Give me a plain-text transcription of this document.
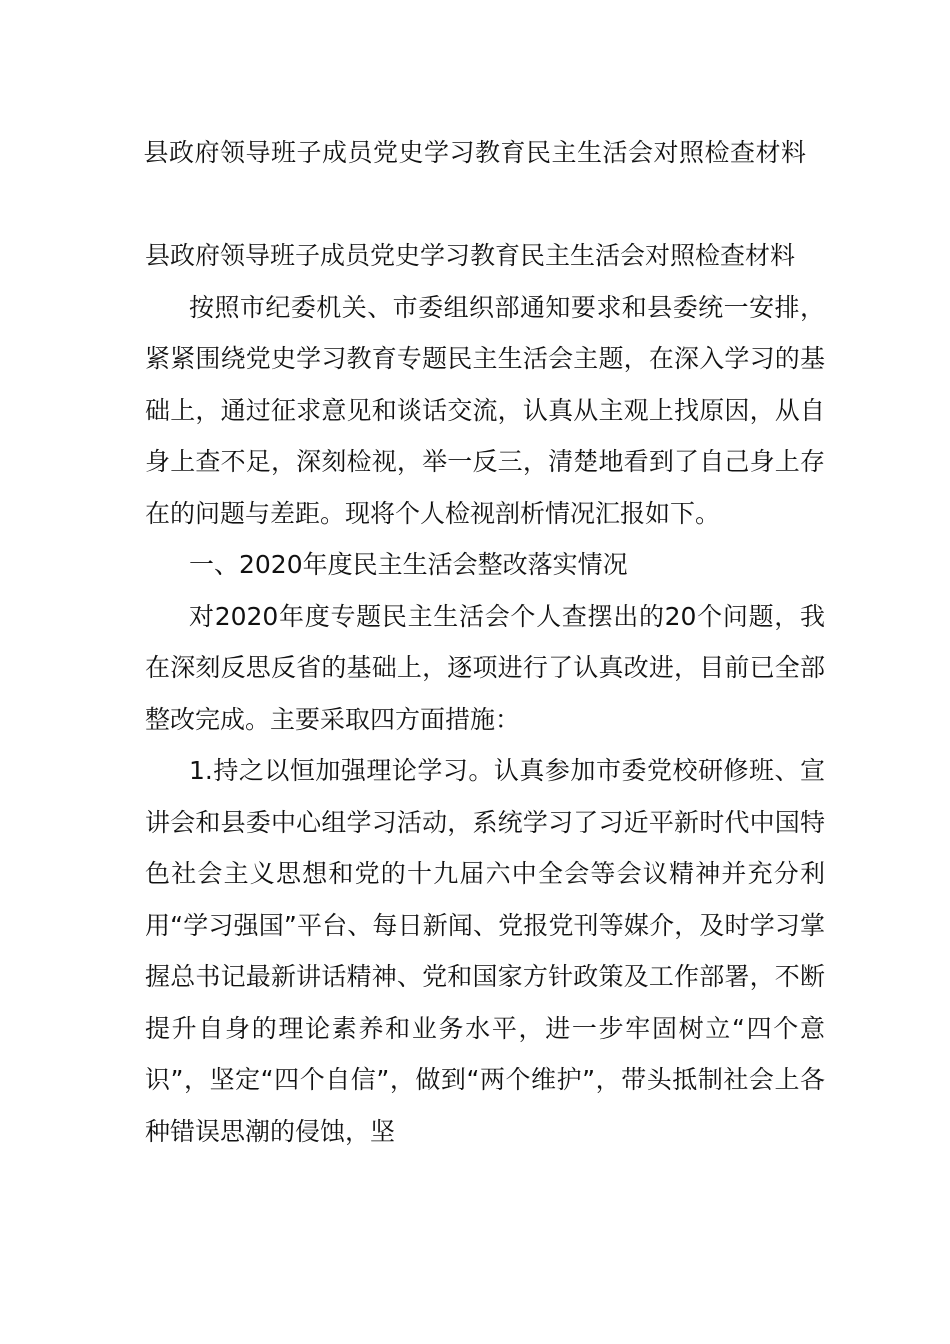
县政府领导班子成员党史学习教育民主生活会对照检查材料

县政府领导班子成员党史学习教育民主生活会对照检查材料

按照市纪委机关、市委组织部通知要求和县委统一安排，紧紧围绕党史学习教育专题民主生活会主题，在深入学习的基础上，通过征求意见和谈话交流，认真从主观上找原因，从自身上查不足，深刻检视，举一反三，清楚地看到了自己身上存在的问题与差距。现将个人检视剖析情况汇报如下。

一、2020年度民主生活会整改落实情况

对2020年度专题民主生活会个人查摆出的20个问题，我在深刻反思反省的基础上，逐项进行了认真改进，目前已全部整改完成。主要采取四方面措施：

1.持之以恒加强理论学习。认真参加市委党校研修班、宣讲会和县委中心组学习活动，系统学习了习近平新时代中国特色社会主义思想和党的十九届六中全会等会议精神并充分利用“学习强国”平台、每日新闻、党报党刊等媒介，及时学习掌握总书记最新讲话精神、党和国家方针政策及工作部署，不断提升自身的理论素养和业务水平，进一步牢固树立“四个意识”，坚定“四个自信”，做到“两个维护”，带头抵制社会上各种错误思潮的侵蚀，坚
